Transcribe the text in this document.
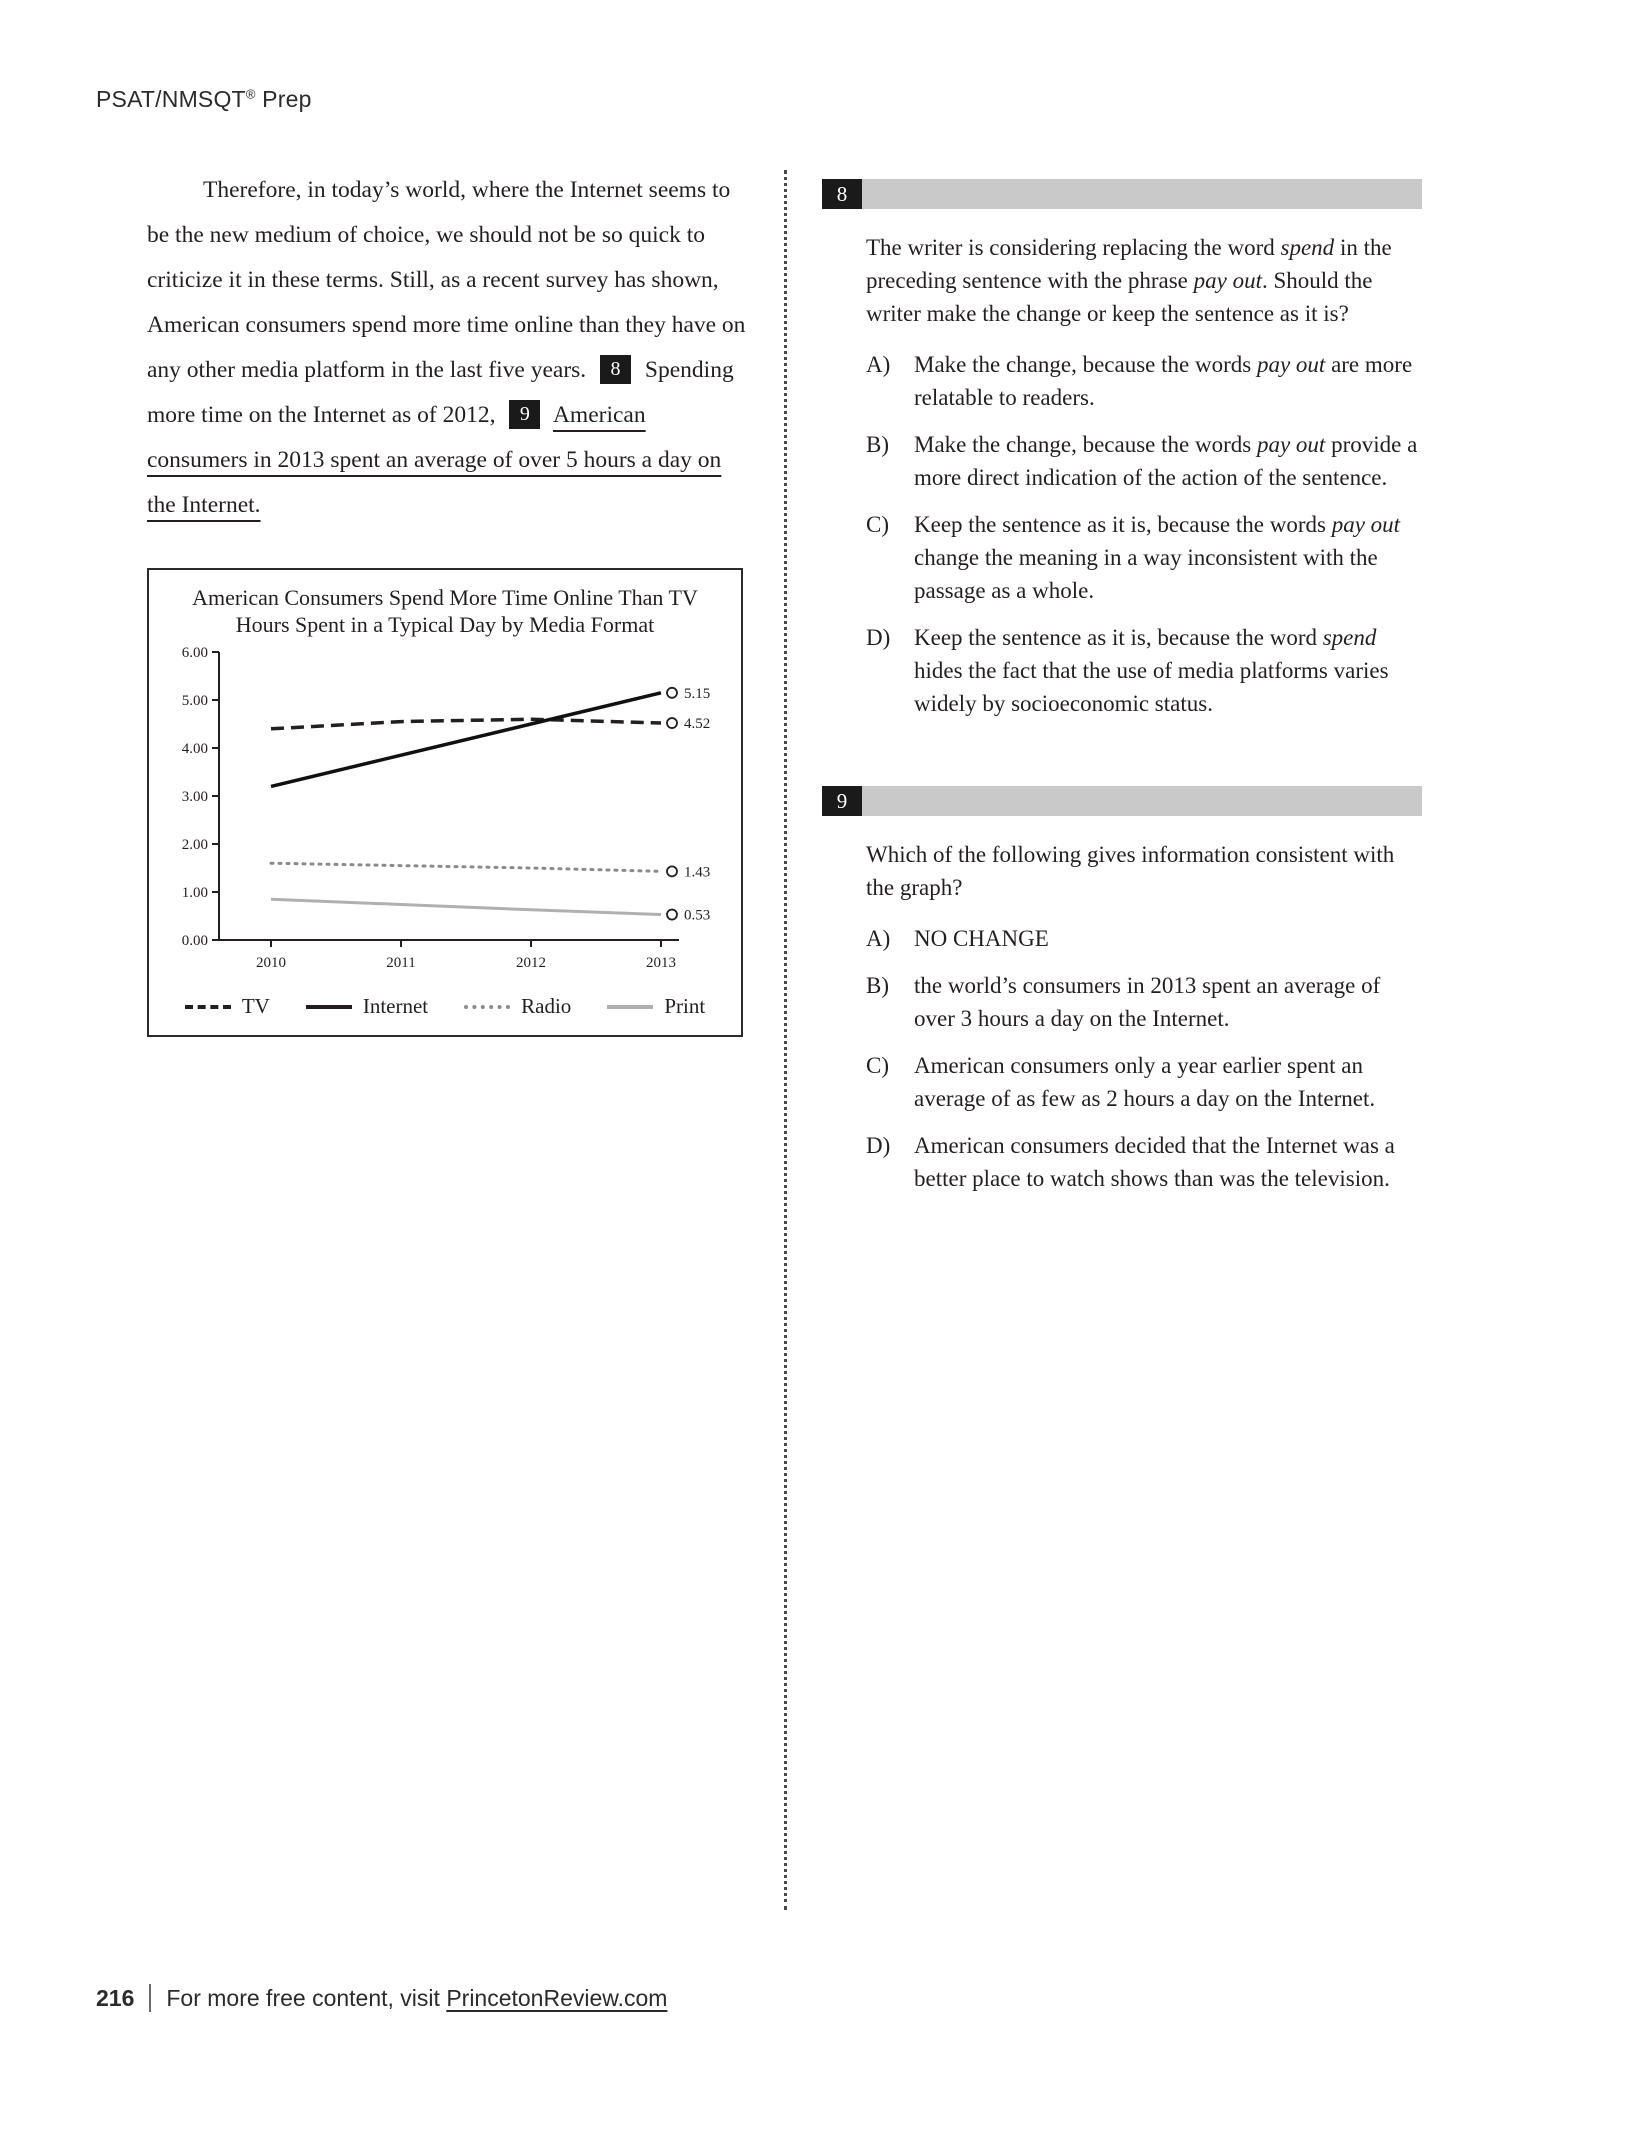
PSAT/NMSQT® Prep

Therefore, in today’s world, where the Internet seems to be the new medium of choice, we should not be so quick to criticize it in these terms. Still, as a recent survey has shown, American consumers spend more time online than they have on any other media platform in the last five years. 8 Spending more time on the Internet as of 2012, 9 American consumers in 2013 spent an average of over 5 hours a day on the Internet.

American Consumers Spend More Time Online Than TV
Hours Spent in a Typical Day by Media Format
0.00
1.00
2.00
3.00
4.00
5.00
6.00
2010	2011	2012	2013
4.52
5.15
1.43
0.53
TV	Internet	Radio	Print
8

The writer is considering replacing the word spend in the preceding sentence with the phrase pay out. Should the writer make the change or keep the sentence as it is?

A)	Make the change, because the words pay out are more relatable to readers.
B)	Make the change, because the words pay out provide a more direct indication of the action of the sentence.
C)	Keep the sentence as it is, because the words pay out change the meaning in a way inconsistent with the passage as a whole.
D)	Keep the sentence as it is, because the word spend hides the fact that the use of media platforms varies widely by socioeconomic status.
9

Which of the following gives information consistent with the graph?

A)	NO CHANGE
B)	the world’s consumers in 2013 spent an average of over 3 hours a day on the Internet.
C)	American consumers only a year earlier spent an average of as few as 2 hours a day on the Internet.
D)	American consumers decided that the Internet was a better place to watch shows than was the television.
216 For more free content, visit
PrincetonReview.com
